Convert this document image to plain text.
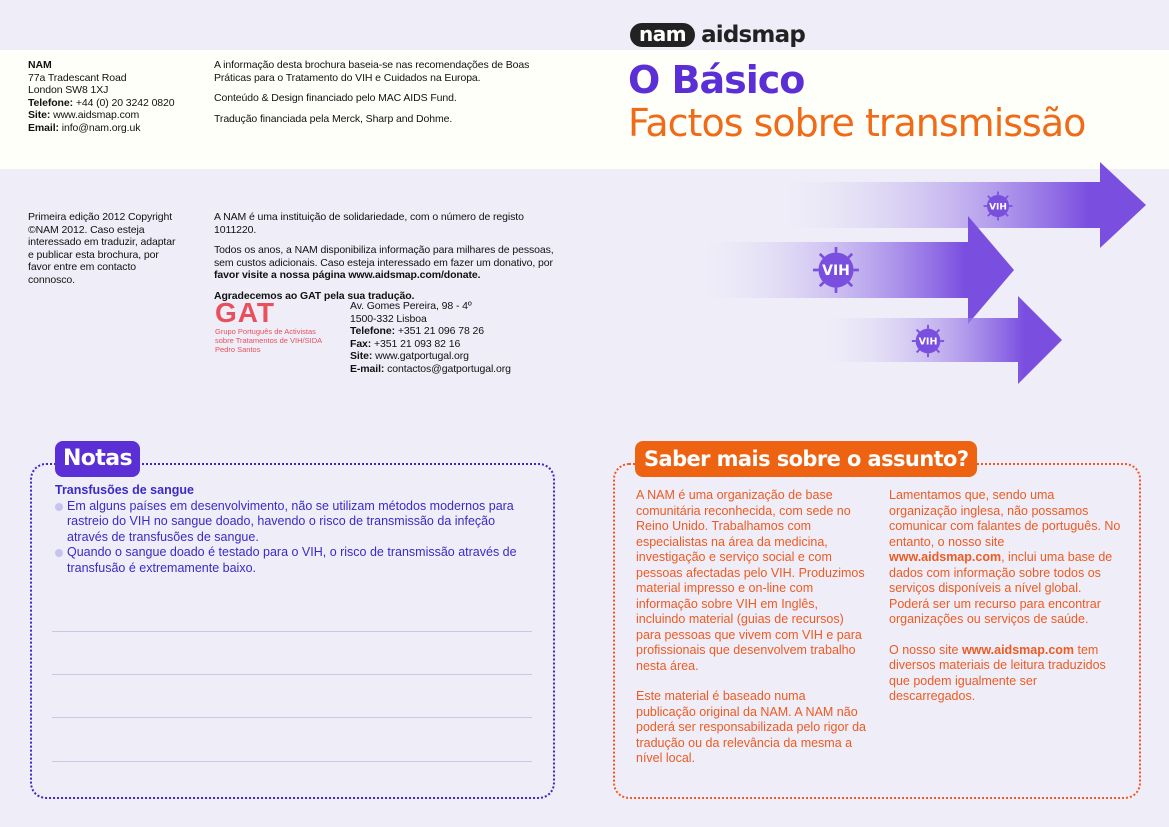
nam aidsmap
O Básico
Factos sobre transmissão

NAM

77a Tradescant Road

London SW8 1XJ

Telefone: +44 (0) 20 3242 0820

Site: www.aidsmap.com

Email: info@nam.org.uk

A informação desta brochura baseia-se nas recomendações de Boas Práticas para o Tratamento do VIH e Cuidados na Europa.

Conteúdo & Design financiado pelo MAC AIDS Fund.

Tradução financiada pela Merck, Sharp and Dohme.

Primeira edição 2012 Copyright ©NAM 2012. Caso esteja interessado em traduzir, adaptar e publicar esta brochura, por favor entre em contacto connosco.

A NAM é uma instituição de solidariedade, com o número de registo 1011220.

Todos os anos, a NAM disponibiliza informação para milhares de pessoas, sem custos adicionais. Caso esteja interessado em fazer um donativo, por favor visite a nossa página www.aidsmap.com/donate.

Agradecemos ao GAT pela sua tradução.

GAT
Grupo Português de Activistas
sobre Tratamentos de VIH/SIDA
Pedro Santos

Av. Gomes Pereira, 98 - 4º

1500-332 Lisboa

Telefone: +351 21 096 78 26

Fax: +351 21 093 82 16

Site: www.gatportugal.org

E-mail: contactos@gatportugal.org

VIH
VIH
VIH
Notas
Transfusões de sangue
Em alguns países em desenvolvimento, não se utilizam métodos modernos para rastreio do VIH no sangue doado, havendo o risco de transmissão da infeção através de transfusões de sangue.
Quando o sangue doado é testado para o VIH, o risco de transmissão através de transfusão é extremamente baixo.
Saber mais sobre o assunto?

A NAM é uma organização de base comunitária reconhecida, com sede no Reino Unido. Trabalhamos com especialistas na área da medicina, investigação e serviço social e com pessoas afectadas pelo VIH. Produzimos material impresso e on-line com informação sobre VIH em Inglês, incluindo material (guias de recursos) para pessoas que vivem com VIH e para profissionais que desenvolvem trabalho nesta área.

Este material é baseado numa publicação original da NAM. A NAM não poderá ser responsabilizada pelo rigor da tradução ou da relevância da mesma a nível local.

Lamentamos que, sendo uma organização inglesa, não possamos comunicar com falantes de português. No entanto, o nosso site www.aidsmap.com, inclui uma base de dados com informação sobre todos os serviços disponíveis a nível global. Poderá ser um recurso para encontrar organizações ou serviços de saúde.

O nosso site www.aidsmap.com tem diversos materiais de leitura traduzidos que podem igualmente ser descarregados.
